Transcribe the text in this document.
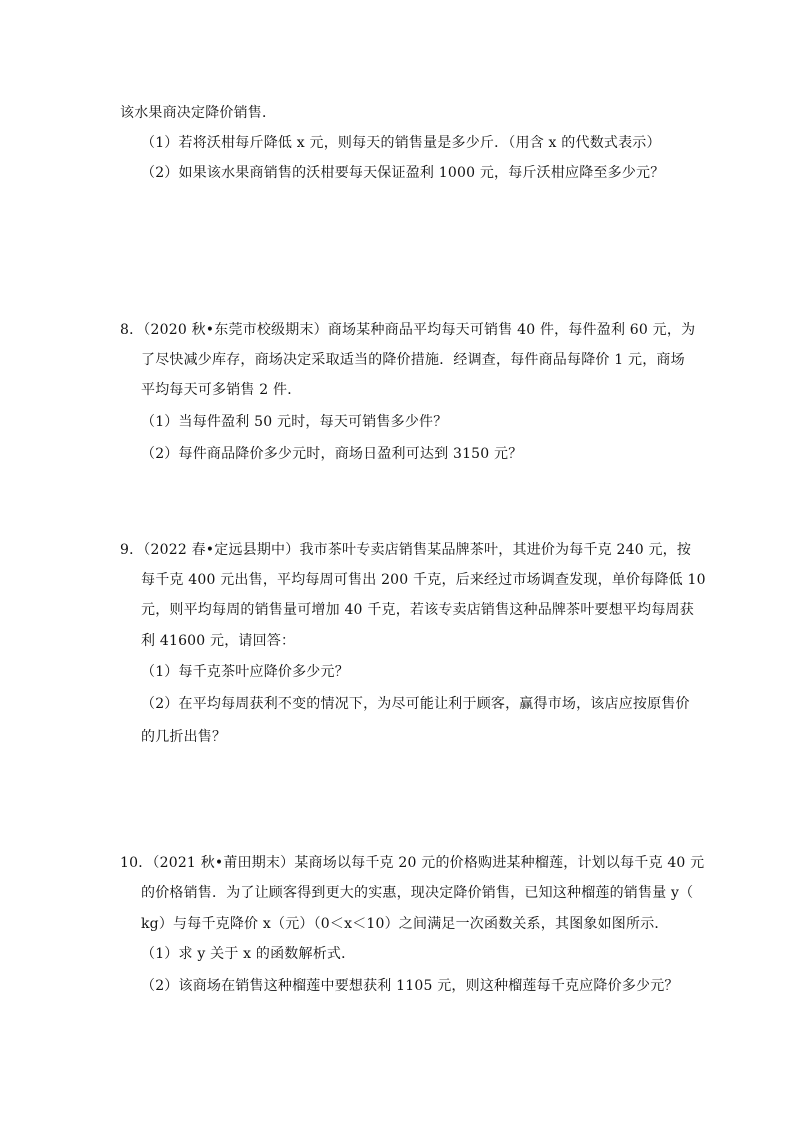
该水果商决定降价销售．
（1）若将沃柑每斤降低 x 元，则每天的销售量是多少斤．（用含 x 的代数式表示）
（2）如果该水果商销售的沃柑要每天保证盈利 1000 元，每斤沃柑应降至多少元？
8．（2020 秋•东莞市校级期末）商场某种商品平均每天可销售 40 件，每件盈利 60 元，为
了尽快减少库存，商场决定采取适当的降价措施．经调查，每件商品每降价 1 元，商场
平均每天可多销售 2 件．
（1）当每件盈利 50 元时，每天可销售多少件？
（2）每件商品降价多少元时，商场日盈利可达到 3150 元？
9．（2022 春•定远县期中）我市茶叶专卖店销售某品牌茶叶，其进价为每千克 240 元，按
每千克 400 元出售，平均每周可售出 200 千克，后来经过市场调查发现，单价每降低 10
元，则平均每周的销售量可增加 40 千克，若该专卖店销售这种品牌茶叶要想平均每周获
利 41600 元，请回答：
（1）每千克茶叶应降价多少元？
（2）在平均每周获利不变的情况下，为尽可能让利于顾客，赢得市场，该店应按原售价
的几折出售？
10．（2021 秋•莆田期末）某商场以每千克 20 元的价格购进某种榴莲，计划以每千克 40 元
的价格销售．为了让顾客得到更大的实惠，现决定降价销售，已知这种榴莲的销售量 y（
kg）与每千克降价 x（元）（0＜x＜10）之间满足一次函数关系，其图象如图所示．
（1）求 y 关于 x 的函数解析式．
（2）该商场在销售这种榴莲中要想获利 1105 元，则这种榴莲每千克应降价多少元？
